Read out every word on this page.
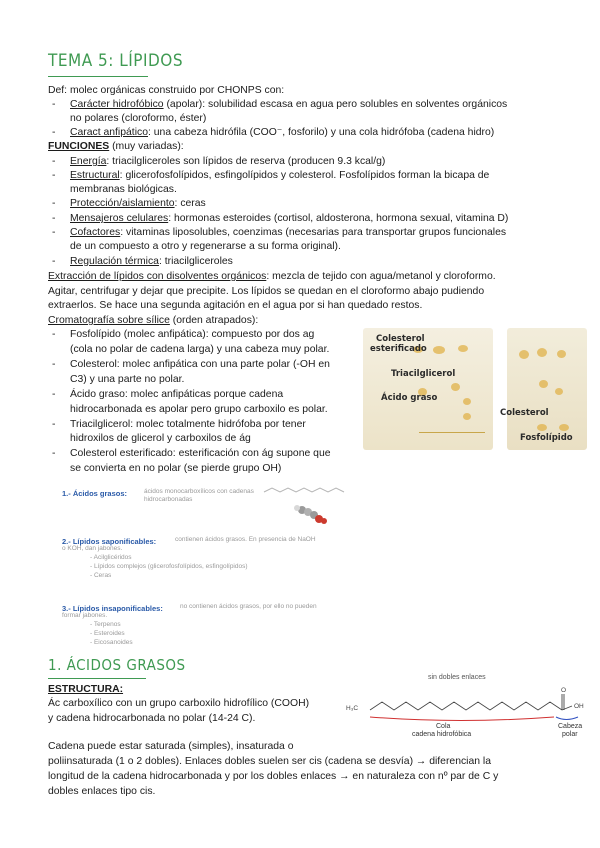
TEMA 5: LÍPIDOS
Def: molec orgánicas construido por CHONPS con:
- Carácter hidrofóbico (apolar): solubilidad escasa en agua pero solubles en solventes orgánicos
no polares (cloroformo, éster)
- Caract anfipático: una cabeza hidrófila (COO⁻, fosforilo) y una cola hidrófoba (cadena hidro)
FUNCIONES (muy variadas):
- Energía: triacilgliceroles son lípidos de reserva (producen 9.3 kcal/g)
- Estructural: glicerofosfolípidos, esfingolípidos y colesterol. Fosfolípidos forman la bicapa de
membranas biológicas.
- Protección/aislamiento: ceras
- Mensajeros celulares: hormonas esteroides (cortisol, aldosterona, hormona sexual, vitamina D)
- Cofactores: vitaminas liposolubles, coenzimas (necesarias para transportar grupos funcionales
de un compuesto a otro y regenerarse a su forma original).
- Regulación térmica: triacilgliceroles
Extracción de lípidos con disolventes orgánicos: mezcla de tejido con agua/metanol y cloroformo.
Agitar, centrifugar y dejar que precipite. Los lípidos se quedan en el cloroformo abajo pudiendo
extraerlos. Se hace una segunda agitación en el agua por si han quedado restos.
Cromatografía sobre sílice (orden atrapados):
- Fosfolípido (molec anfipática): compuesto por dos ag
(cola no polar de cadena larga) y una cabeza muy polar.
- Colesterol: molec anfipática con una parte polar (-OH en
C3) y una parte no polar.
- Ácido graso: molec anfipáticas porque cadena
hidrocarbonada es apolar pero grupo carboxilo es polar.
- Triacilglicerol: molec totalmente hidrófoba por tener
hidroxilos de glicerol y carboxilos de ág
- Colesterol esterificado: esterificación con ág supone que
se convierta en no polar (se pierde grupo OH)
Colesterol
esterificado
Triacilglicerol
Ácido graso
Colesterol
Fosfolípido
1.- Ácidos grasos:	ácidos monocarboxílicos con cadenas
hidrocarbonadas
2.- Lípidos saponificables:	contienen ácidos grasos. En presencia de NaOH
o KOH, dan jabones.
- Acilglicéridos
- Lípidos complejos (glicerofosfolípidos, esfingolípidos)
- Ceras
3.- Lípidos insaponificables:	no contienen ácidos grasos, por ello no pueden
formar jabones.
- Terpenos
- Esteroides
- Eicosanoides
1. ÁCIDOS GRASOS
ESTRUCTURA:
Ác carboxílico con un grupo carboxilo hidrofílico (COOH)
y cadena hidrocarbonada no polar (14-24 C).
sin dobles enlaces
H₃C
O
OH
Cola
cadena hidrofóbica
Cabeza
polar
Cadena puede estar saturada (simples), insaturada o
poliinsaturada (1 o 2 dobles). Enlaces dobles suelen ser cis (cadena se desvía) → diferencian la
longitud de la cadena hidrocarbonada y por los dobles enlaces → en naturaleza con nº par de C y
dobles enlaces tipo cis.
